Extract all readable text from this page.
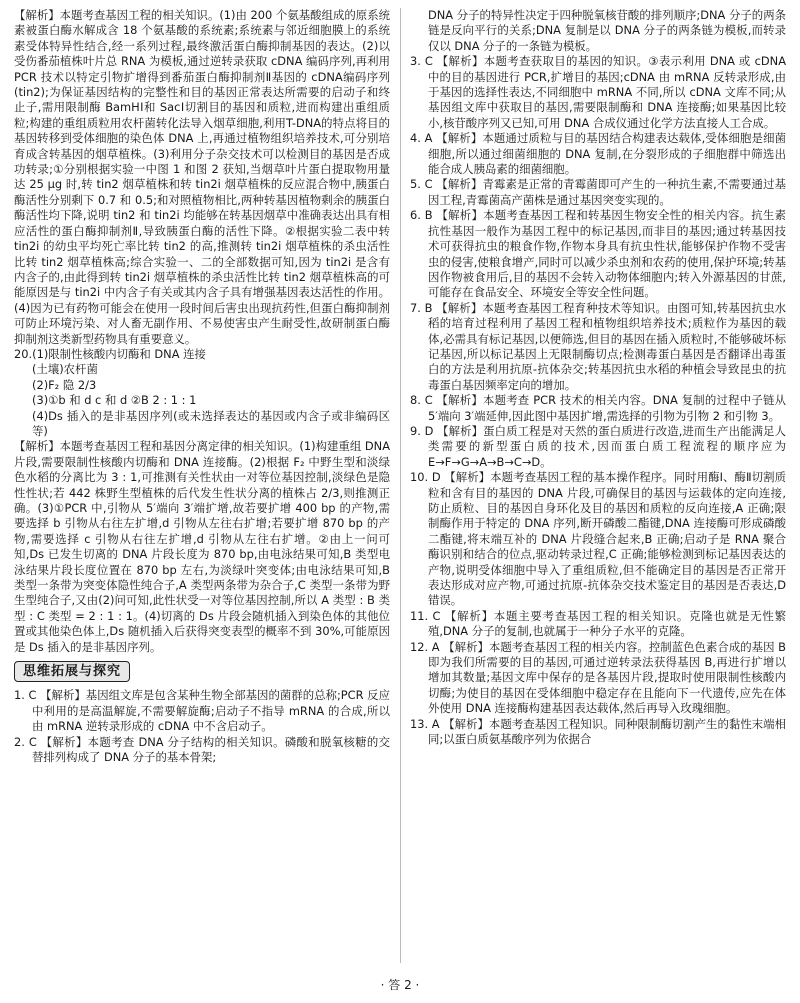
【解析】本题考查基因工程的相关知识。(1)由 200 个氨基酸组成的原系统素被蛋白酶水解成含 18 个氨基酸的系统素;系统素与邻近细胞膜上的系统素受体特异性结合,经一系列过程,最终激活蛋白酶抑制基因的表达。(2)以受伤番茄植株叶片总 RNA 为模板,通过逆转录获取 cDNA 编码序列,再利用 PCR 技术以特定引物扩增得到番茄蛋白酶抑制剂Ⅱ基因的 cDNA编码序列(tin2);为保证基因结构的完整性和目的基因正常表达所需要的启动子和终止子,需用限制酶 BamHⅠ和 SacⅠ切割目的基因和质粒,进而构建出重组质粒;构建的重组质粒用农杆菌转化法导入烟草细胞,利用T-DNA的特点将目的基因转移到受体细胞的染色体 DNA 上,再通过植物组织培养技术,可分别培育成含转基因的烟草植株。(3)利用分子杂交技术可以检测目的基因是否成功转录;①分别根据实验一中图 1 和图 2 获知,当烟草叶片蛋白提取物用量达 25 μg 时,转 tin2 烟草植株和转 tin2i 烟草植株的反应混合物中,胰蛋白酶活性分别剩下 0.7 和 0.5;和对照植物相比,两种转基因植物剩余的胰蛋白酶活性均下降,说明 tin2 和 tin2i 均能够在转基因烟草中准确表达出具有相应活性的蛋白酶抑制剂Ⅱ,导致胰蛋白酶的活性下降。②根据实验二表中转 tin2i 的幼虫平均死亡率比转 tin2 的高,推测转 tin2i 烟草植株的杀虫活性比转 tin2 烟草植株高;综合实验一、二的全部数据可知,因为 tin2i 是含有内含子的,由此得到转 tin2i 烟草植株的杀虫活性比转 tin2 烟草植株高的可能原因是与 tin2i 中内含子有关或其内含子具有增强基因表达活性的作用。(4)因为已有药物可能会在使用一段时间后害虫出现抗药性,但蛋白酶抑制剂可防止环境污染、对人畜无副作用、不易使害虫产生耐受性,故研制蛋白酶抑制剂这类新型药物具有重要意义。

20.(1)限制性核酸内切酶和 DNA 连接

(土壤)农杆菌

(2)F₂ 隐 2/3

(3)①b 和 d c 和 d ②B 2 : 1 : 1

(4)Ds 插入的是非基因序列(或未选择表达的基因或内含子或非编码区等)

【解析】本题考查基因工程和基因分离定律的相关知识。(1)构建重组 DNA 片段,需要限制性核酸内切酶和 DNA 连接酶。(2)根据 F₂ 中野生型和淡绿色水稻的分离比为 3 : 1,可推测有关性状由一对等位基因控制,淡绿色是隐性性状;若 442 株野生型植株的后代发生性状分离的植株占 2/3,则推测正确。(3)①PCR 中,引物从 5′端向 3′端扩增,故若要扩增 400 bp 的产物,需要选择 b 引物从右往左扩增,d 引物从左往右扩增;若要扩增 870 bp 的产物,需要选择 c 引物从右往左扩增,d 引物从左往右扩增。②由上一问可知,Ds 已发生切离的 DNA 片段长度为 870 bp,由电泳结果可知,B 类型电泳结果片段长度位置在 870 bp 左右,为淡绿叶突变体;由电泳结果可知,B 类型一条带为突变体隐性纯合子,A 类型两条带为杂合子,C 类型一条带为野生型纯合子,又由(2)问可知,此性状受一对等位基因控制,所以 A 类型 : B 类型 : C 类型 = 2 : 1 : 1。(4)切离的 Ds 片段会随机插入到染色体的其他位置或其他染色体上,Ds 随机插入后获得突变表型的概率不到 30%,可能原因是 Ds 插入的是非基因序列。

思维拓展与探究

1. C 【解析】基因组文库是包含某种生物全部基因的菌群的总称;PCR 反应中利用的是高温解旋,不需要解旋酶;启动子不指导 mRNA 的合成,所以由 mRNA 逆转录形成的 cDNA 中不含启动子。

2. C 【解析】本题考查 DNA 分子结构的相关知识。磷酸和脱氧核糖的交替排列构成了 DNA 分子的基本骨架;

DNA 分子的特异性决定于四种脱氧核苷酸的排列顺序;DNA 分子的两条链是反向平行的关系;DNA 复制是以 DNA 分子的两条链为模板,而转录仅以 DNA 分子的一条链为模板。

3. C 【解析】本题考查获取目的基因的知识。③表示利用 DNA 或 cDNA 中的目的基因进行 PCR,扩增目的基因;cDNA 由 mRNA 反转录形成,由于基因的选择性表达,不同细胞中 mRNA 不同,所以 cDNA 文库不同;从基因组文库中获取目的基因,需要限制酶和 DNA 连接酶;如果基因比较小,核苷酸序列又已知,可用 DNA 合成仪通过化学方法直接人工合成。

4. A 【解析】本题通过质粒与目的基因结合构建表达载体,受体细胞是细菌细胞,所以通过细菌细胞的 DNA 复制,在分裂形成的子细胞群中筛选出能合成人胰岛素的细菌细胞。

5. C 【解析】青霉素是正常的青霉菌即可产生的一种抗生素,不需要通过基因工程,青霉菌高产菌株是通过基因突变实现的。

6. B 【解析】本题考查基因工程和转基因生物安全性的相关内容。抗生素抗性基因一般作为基因工程中的标记基因,而非目的基因;通过转基因技术可获得抗虫的粮食作物,作物本身具有抗虫性状,能够保护作物不受害虫的侵害,使粮食增产,同时可以减少杀虫剂和农药的使用,保护环境;转基因作物被食用后,目的基因不会转入动物体细胞内;转入外源基因的甘蔗,可能存在食品安全、环境安全等安全性问题。

7. B 【解析】本题考查基因工程育种技术等知识。由图可知,转基因抗虫水稻的培育过程利用了基因工程和植物组织培养技术;质粒作为基因的载体,必需具有标记基因,以便筛选,但目的基因在插入质粒时,不能够破坏标记基因,所以标记基因上无限制酶切点;检测毒蛋白基因是否翻译出毒蛋白的方法是利用抗原-抗体杂交;转基因抗虫水稻的种植会导致昆虫的抗毒蛋白基因频率定向的增加。

8. C 【解析】本题考查 PCR 技术的相关内容。DNA 复制的过程中子链从 5′端向 3′端延伸,因此图中基因扩增,需选择的引物为引物 2 和引物 3。

9. D 【解析】蛋白质工程是对天然的蛋白质进行改造,进而生产出能满足人类需要的新型蛋白质的技术,因而蛋白质工程流程的顺序应为 E→F→G→A→B→C→D。

10. D 【解析】本题考查基因工程的基本操作程序。同时用酶Ⅰ、酶Ⅱ切割质粒和含有目的基因的 DNA 片段,可确保目的基因与运载体的定向连接,防止质粒、目的基因自身环化及目的基因和质粒的反向连接,A 正确;限制酶作用于特定的 DNA 序列,断开磷酸二酯键,DNA 连接酶可形成磷酸二酯键,将末端互补的 DNA 片段缝合起来,B 正确;启动子是 RNA 聚合酶识别和结合的位点,驱动转录过程,C 正确;能够检测到标记基因表达的产物,说明受体细胞中导入了重组质粒,但不能确定目的基因是否正常开表达形成对应产物,可通过抗原-抗体杂交技术鉴定目的基因是否表达,D 错误。

11. C 【解析】本题主要考查基因工程的相关知识。克隆也就是无性繁殖,DNA 分子的复制,也就属于一种分子水平的克隆。

12. A 【解析】本题考查基因工程的相关内容。控制蓝色色素合成的基因 B 即为我们所需要的目的基因,可通过逆转录法获得基因 B,再进行扩增以增加其数量;基因文库中保存的是各基因片段,提取时使用限制性核酸内切酶;为使目的基因在受体细胞中稳定存在且能向下一代遗传,应先在体外使用 DNA 连接酶构建基因表达载体,然后再导入玫瑰细胞。

13. A 【解析】本题考查基因工程知识。同种限制酶切割产生的黏性末端相同;以蛋白质氨基酸序列为依据合

· 答 2 ·
